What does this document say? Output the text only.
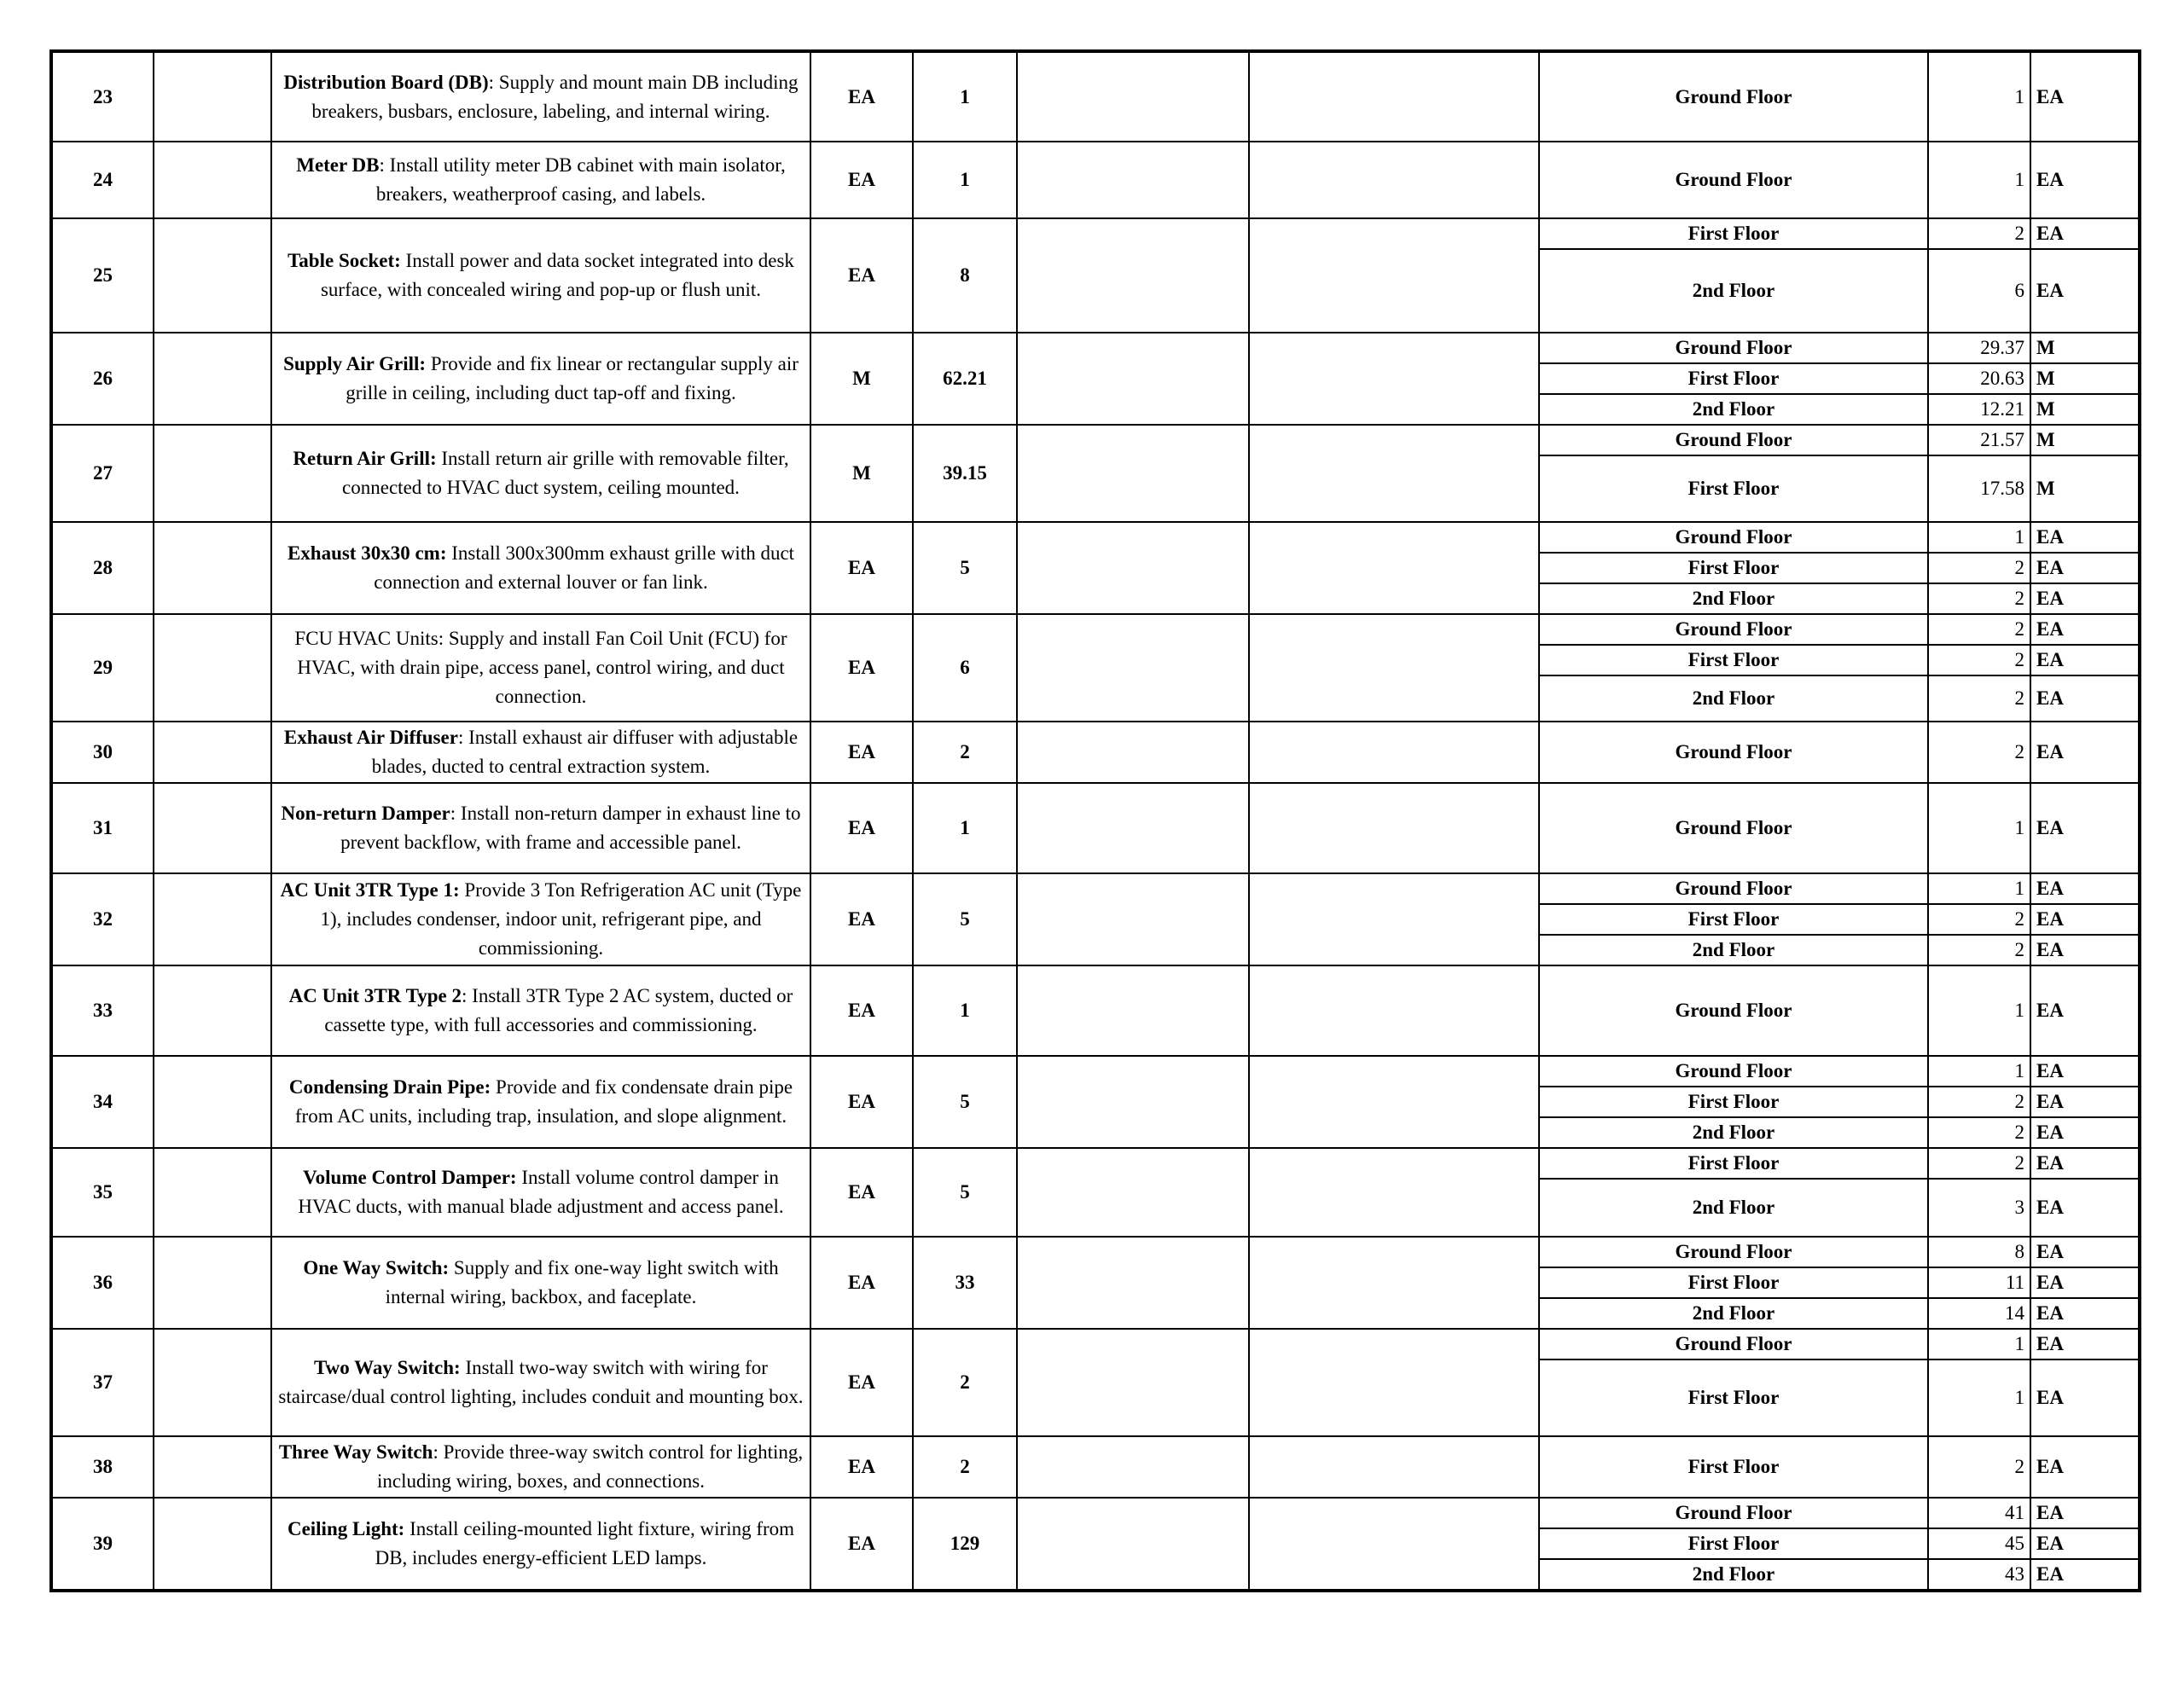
23		Distribution Board (DB): Supply and mount main DB including breakers, busbars, enclosure, labeling, and internal wiring.	EA	1			Ground Floor	1	EA
24		Meter DB: Install utility meter DB cabinet with main isolator, breakers, weatherproof casing, and labels.	EA	1			Ground Floor	1	EA
25		Table Socket: Install power and data socket integrated into desk surface, with concealed wiring and pop-up or flush unit.	EA	8			First Floor	2	EA
							2nd Floor	6	EA
26		Supply Air Grill: Provide and fix linear or rectangular supply air grille in ceiling, including duct tap-off and fixing.	M	62.21			Ground Floor	29.37	M
							First Floor	20.63	M
							2nd Floor	12.21	M
27		Return Air Grill: Install return air grille with removable filter, connected to HVAC duct system, ceiling mounted.	M	39.15			Ground Floor	21.57	M
							First Floor	17.58	M
28		Exhaust 30x30 cm: Install 300x300mm exhaust grille with duct connection and external louver or fan link.	EA	5			Ground Floor	1	EA
							First Floor	2	EA
							2nd Floor	2	EA
29		FCU HVAC Units: Supply and install Fan Coil Unit (FCU) for HVAC, with drain pipe, access panel, control wiring, and duct connection.	EA	6			Ground Floor	2	EA
							First Floor	2	EA
							2nd Floor	2	EA
30		Exhaust Air Diffuser: Install exhaust air diffuser with adjustable blades, ducted to central extraction system.	EA	2			Ground Floor	2	EA
31		Non-return Damper: Install non-return damper in exhaust line to prevent backflow, with frame and accessible panel.	EA	1			Ground Floor	1	EA
32		AC Unit 3TR Type 1: Provide 3 Ton Refrigeration AC unit (Type 1), includes condenser, indoor unit, refrigerant pipe, and commissioning.	EA	5			Ground Floor	1	EA
							First Floor	2	EA
							2nd Floor	2	EA
33		AC Unit 3TR Type 2: Install 3TR Type 2 AC system, ducted or cassette type, with full accessories and commissioning.	EA	1			Ground Floor	1	EA
34		Condensing Drain Pipe: Provide and fix condensate drain pipe from AC units, including trap, insulation, and slope alignment.	EA	5			Ground Floor	1	EA
							First Floor	2	EA
							2nd Floor	2	EA
35		Volume Control Damper: Install volume control damper in HVAC ducts, with manual blade adjustment and access panel.	EA	5			First Floor	2	EA
							2nd Floor	3	EA
36		One Way Switch: Supply and fix one-way light switch with internal wiring, backbox, and faceplate.	EA	33			Ground Floor	8	EA
							First Floor	11	EA
							2nd Floor	14	EA
37		Two Way Switch: Install two-way switch with wiring for staircase/dual control lighting, includes conduit and mounting box.	EA	2			Ground Floor	1	EA
							First Floor	1	EA
38		Three Way Switch: Provide three-way switch control for lighting, including wiring, boxes, and connections.	EA	2			First Floor	2	EA
39		Ceiling Light: Install ceiling-mounted light fixture, wiring from DB, includes energy-efficient LED lamps.	EA	129			Ground Floor	41	EA
							First Floor	45	EA
							2nd Floor	43	EA
